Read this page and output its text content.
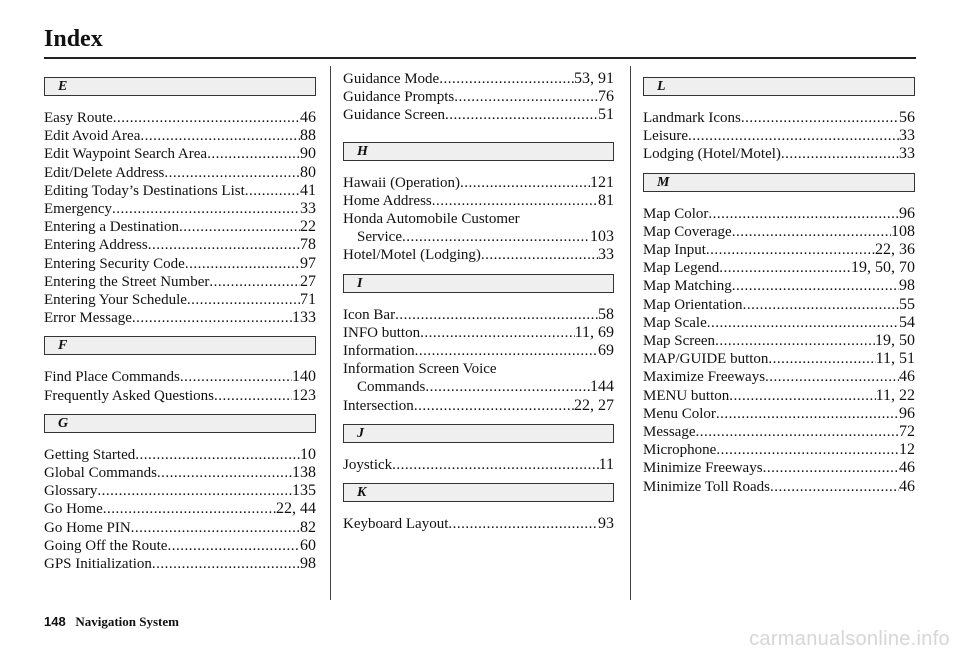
Index
E
Easy Route .....	46
Edit Avoid Area .....	88
Edit Waypoint Search Area .....	90
Edit/Delete Address .....	80
Editing Today’s Destinations List .....	41
Emergency .....	33
Entering a Destination .....	22
Entering Address .....	78
Entering Security Code .....	97
Entering the Street Number .....	27
Entering Your Schedule .....	71
Error Message .....	133
F
Find Place Commands .....	140
Frequently Asked Questions .....	123
G
Getting Started .....	10
Global Commands .....	138
Glossary .....	135
Go Home .....	22, 44
Go Home PIN .....	82
Going Off the Route .....	60
GPS Initialization .....	98
Guidance Mode .....	53, 91
Guidance Prompts .....	76
Guidance Screen .....	51
H
Hawaii (Operation) .....	121
Home Address .....	81
Honda Automobile Customer
Service .....	103
Hotel/Motel (Lodging) .....	33
I
Icon Bar .....	58
INFO button .....	11, 69
Information .....	69
Information Screen Voice
Commands .....	144
Intersection .....	22, 27
J
Joystick .....	11
K
Keyboard Layout .....	93
L
Landmark Icons .....	56
Leisure .....	33
Lodging (Hotel/Motel) .....	33
M
Map Color .....	96
Map Coverage .....	108
Map Input .....	22, 36
Map Legend .....	19, 50, 70
Map Matching .....	98
Map Orientation .....	55
Map Scale .....	54
Map Screen .....	19, 50
MAP/GUIDE button .....	11, 51
Maximize Freeways .....	46
MENU button .....	11, 22
Menu Color .....	96
Message .....	72
Microphone .....	12
Minimize Freeways .....	46
Minimize Toll Roads .....	46
148 Navigation System
carmanualsonline.info
